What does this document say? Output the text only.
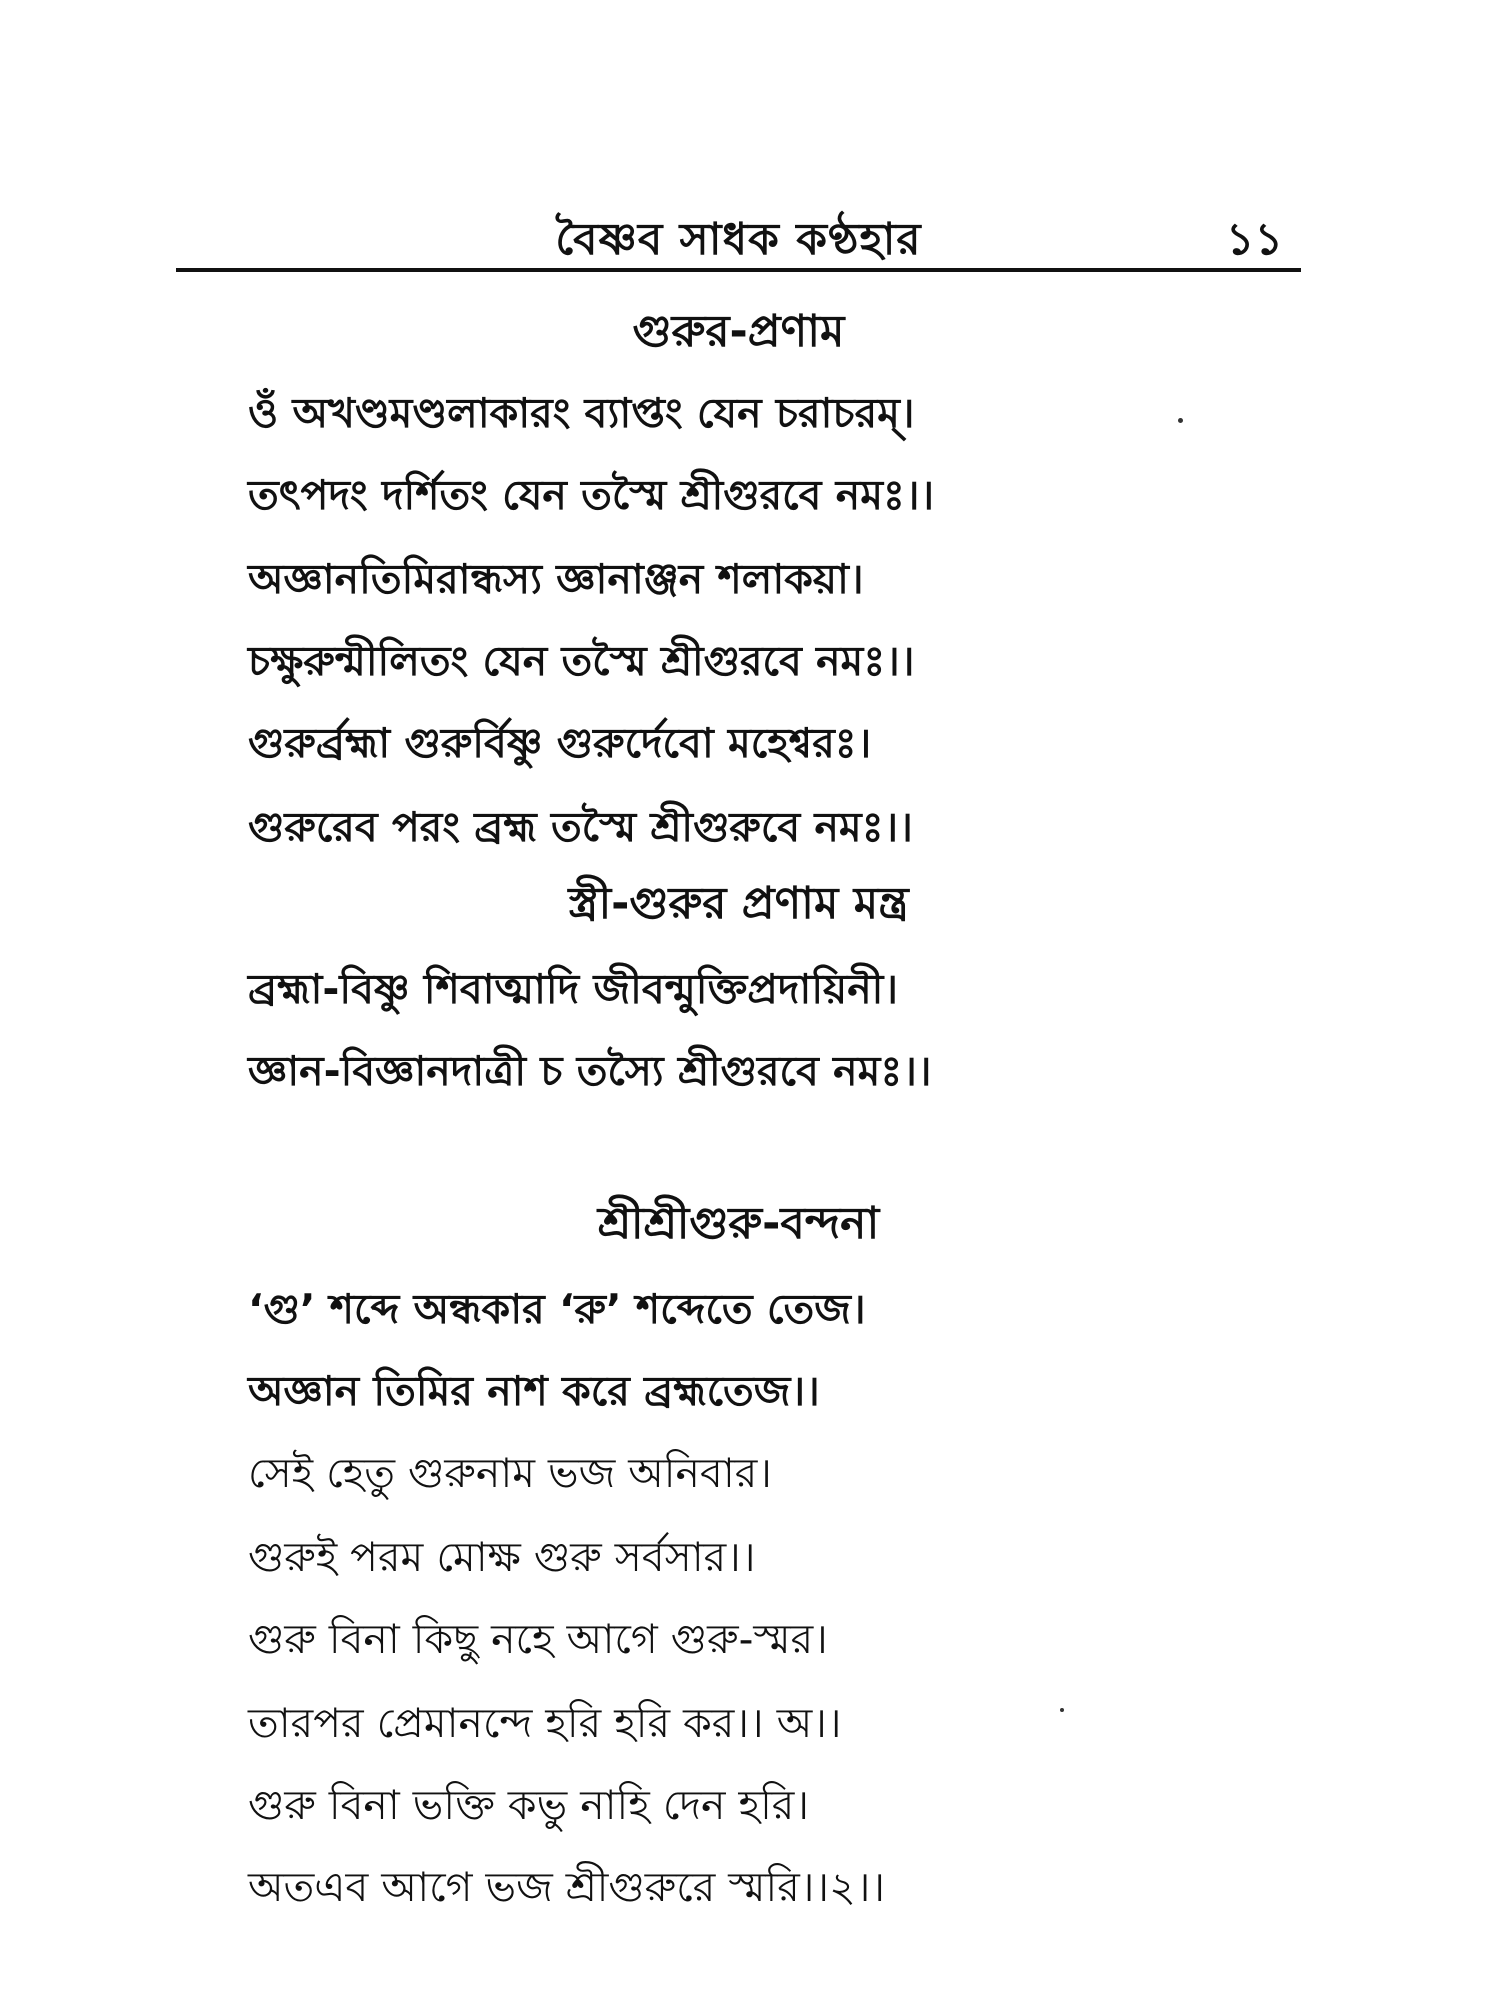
বৈষ্ণব সাধক কণ্ঠহার	১১
গুরুর-প্রণাম
ওঁ অখণ্ডমণ্ডলাকারং ব্যাপ্তং যেন চরাচরম্।
তৎপদং দর্শিতং যেন তস্মৈ শ্রীগুরবে নমঃ।।
অজ্ঞানতিমিরান্ধস্য জ্ঞানাঞ্জন শলাকয়া।
চক্ষুরুন্মীলিতং যেন তস্মৈ শ্রীগুরবে নমঃ।।
গুরুর্ব্রহ্মা গুরুর্বিষ্ণু গুরুর্দেবো মহেশ্বরঃ।
গুরুরেব পরং ব্রহ্ম তস্মৈ শ্রীগুরুবে নমঃ।।
স্ত্রী-গুরুর প্রণাম মন্ত্র
ব্রহ্মা-বিষ্ণু শিবাত্মাদি জীবন্মুক্তিপ্রদায়িনী।
জ্ঞান-বিজ্ঞানদাত্রী চ তস্যৈ শ্রীগুরবে নমঃ।।
শ্রীশ্রীগুরু-বন্দনা
‘গু’ শব্দে অন্ধকার ‘রু’ শব্দেতে তেজ।
অজ্ঞান তিমির নাশ করে ব্রহ্মতেজ।।
সেই হেতু গুরুনাম ভজ অনিবার।
গুরুই পরম মোক্ষ গুরু সর্বসার।।
গুরু বিনা কিছু নহে আগে গুরু-স্মর।
তারপর প্রেমানন্দে হরি হরি কর।। অ।।
গুরু বিনা ভক্তি কভু নাহি দেন হরি।
অতএব আগে ভজ শ্রীগুরুরে স্মরি।।২।।
